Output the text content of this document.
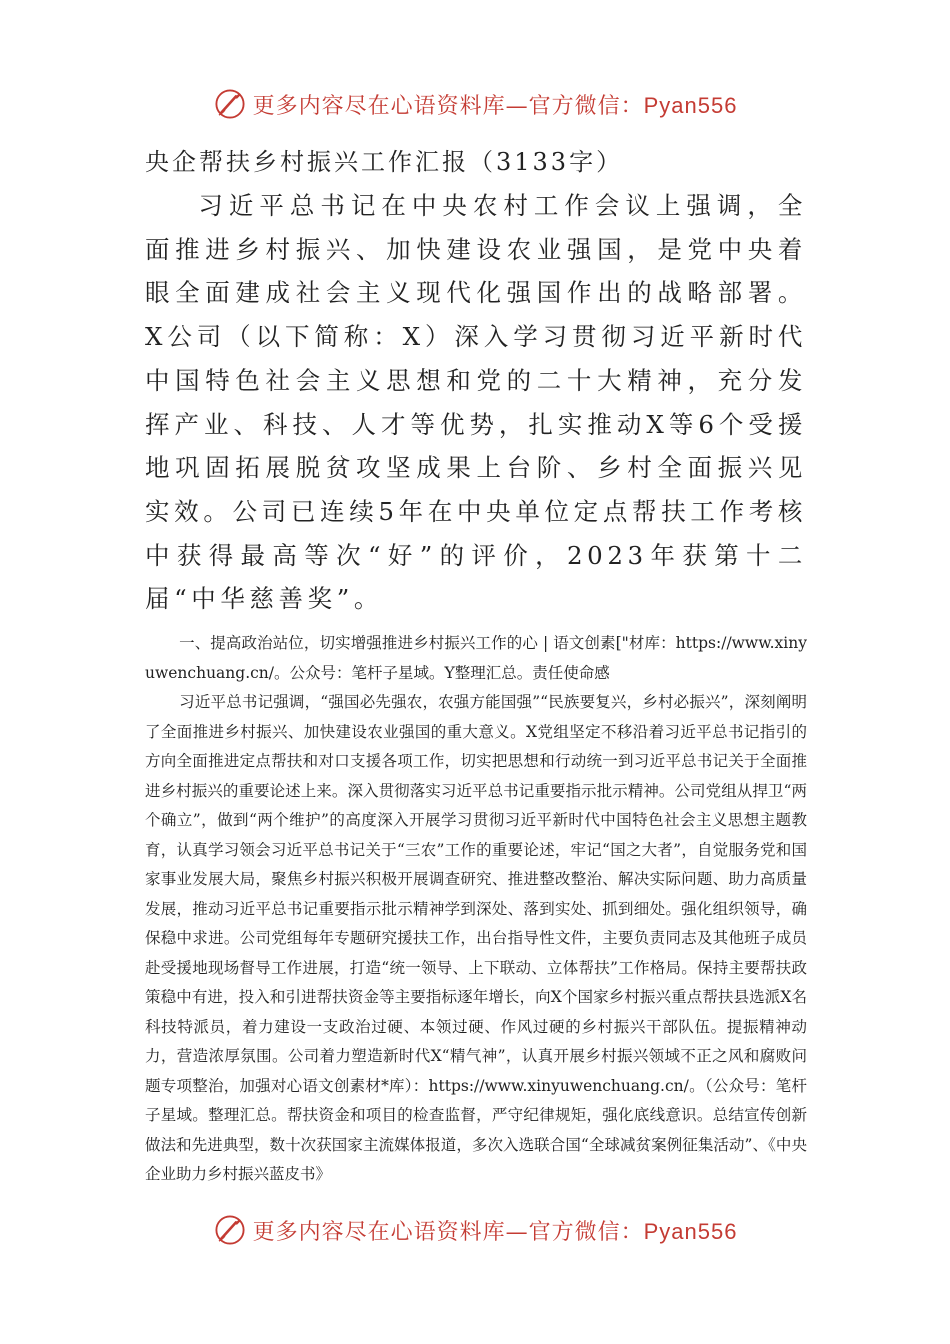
更多内容尽在心语资料库—官方微信：Pyan556
央企帮扶乡村振兴工作汇报（3133字）

习近平总书记在中央农村工作会议上强调，全面推进乡村振兴、加快建设农业强国，是党中央着眼全面建成社会主义现代化强国作出的战略部署。X公司（以下简称：X）深入学习贯彻习近平新时代中国特色社会主义思想和党的二十大精神，充分发挥产业、科技、人才等优势，扎实推动X等6个受援地巩固拓展脱贫攻坚成果上台阶、乡村全面振兴见实效。公司已连续5年在中央单位定点帮扶工作考核中获得最高等次“好”的评价，2023年获第十二届“中华慈善奖”。

一、提高政治站位，切实增强推进乡村振兴工作的心 | 语文创素["材库：https://www.xinyuwenchuang.cn/。公众号：笔杆子星域。Y整理汇总。责任使命感

习近平总书记强调，“强国必先强农，农强方能国强”“民族要复兴，乡村必振兴”，深刻阐明了全面推进乡村振兴、加快建设农业强国的重大意义。X党组坚定不移沿着习近平总书记指引的方向全面推进定点帮扶和对口支援各项工作，切实把思想和行动统一到习近平总书记关于全面推进乡村振兴的重要论述上来。深入贯彻落实习近平总书记重要指示批示精神。公司党组从捍卫“两个确立”，做到“两个维护”的高度深入开展学习贯彻习近平新时代中国特色社会主义思想主题教育，认真学习领会习近平总书记关于“三农”工作的重要论述，牢记“国之大者”，自觉服务党和国家事业发展大局，聚焦乡村振兴积极开展调查研究、推进整改整治、解决实际问题、助力高质量发展，推动习近平总书记重要指示批示精神学到深处、落到实处、抓到细处。强化组织领导，确保稳中求进。公司党组每年专题研究援扶工作，出台指导性文件，主要负责同志及其他班子成员赴受援地现场督导工作进展，打造“统一领导、上下联动、立体帮扶”工作格局。保持主要帮扶政策稳中有进，投入和引进帮扶资金等主要指标逐年增长，向X个国家乡村振兴重点帮扶县选派X名科技特派员，着力建设一支政治过硬、本领过硬、作风过硬的乡村振兴干部队伍。提振精神动力，营造浓厚氛围。公司着力塑造新时代X“精气神”，认真开展乡村振兴领域不正之风和腐败问题专项整治，加强对心语文创素材*库）：https://www.xinyuwenchuang.cn/。（公众号：笔杆子星域。整理汇总。帮扶资金和项目的检查监督，严守纪律规矩，强化底线意识。总结宣传创新做法和先进典型，数十次获国家主流媒体报道，多次入选联合国“全球减贫案例征集活动”、《中央企业助力乡村振兴蓝皮书》

更多内容尽在心语资料库—官方微信：Pyan556
